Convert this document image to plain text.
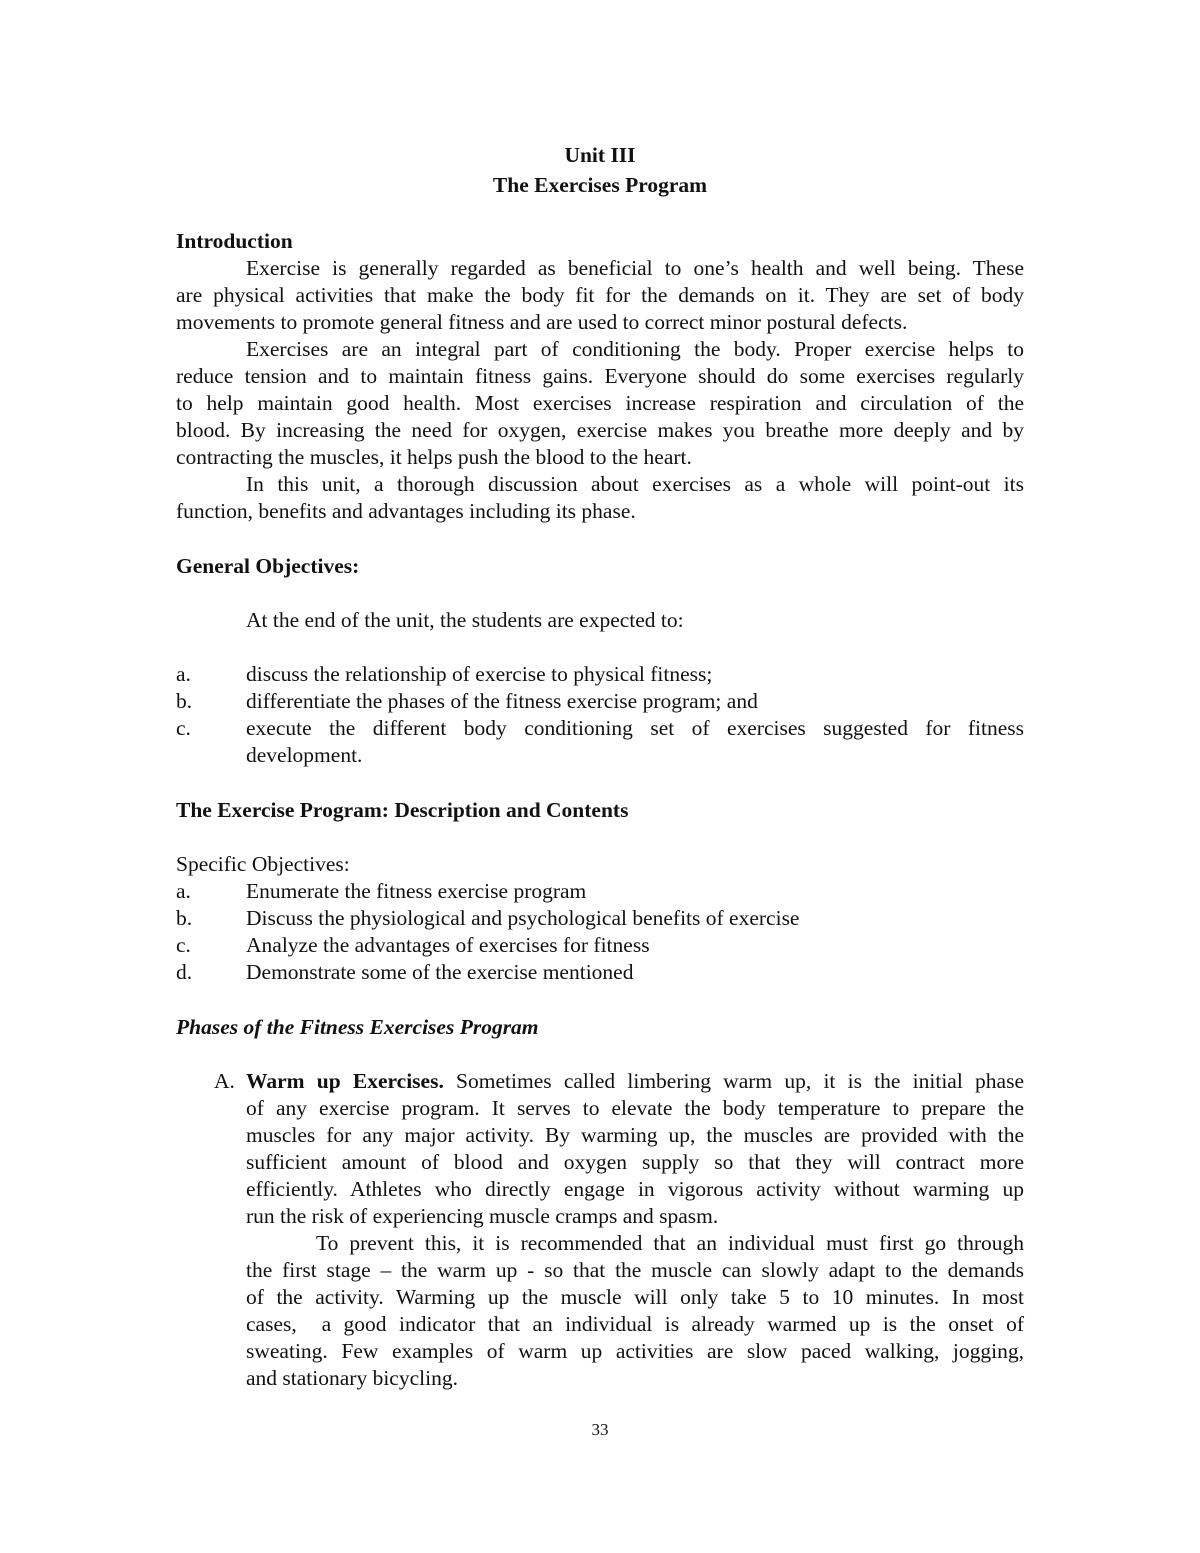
Unit III

The Exercises Program

Introduction

Exercise is generally regarded as beneficial to one’s health and well being. These

are physical activities that make the body fit for the demands on it. They are set of body

movements to promote general fitness and are used to correct minor postural defects.

Exercises are an integral part of conditioning the body. Proper exercise helps to

reduce tension and to maintain fitness gains. Everyone should do some exercises regularly

to help maintain good health. Most exercises increase respiration and circulation of the

blood. By increasing the need for oxygen, exercise makes you breathe more deeply and by

contracting the muscles, it helps push the blood to the heart.

In this unit, a thorough discussion about exercises as a whole will point-out its

function, benefits and advantages including its phase.

General Objectives:

At the end of the unit, the students are expected to:

a.	discuss the relationship of exercise to physical fitness;

b.	differentiate the phases of the fitness exercise program; and

c.	execute the different body conditioning set of exercises suggested for fitness

development.

The Exercise Program: Description and Contents

Specific Objectives:

a.	Enumerate the fitness exercise program

b.	Discuss the physiological and psychological benefits of exercise

c.	Analyze the advantages of exercises for fitness

d.	Demonstrate some of the exercise mentioned

Phases of the Fitness Exercises Program

A. Warm up Exercises. Sometimes called limbering warm up, it is the initial phase

of any exercise program. It serves to elevate the body temperature to prepare the

muscles for any major activity. By warming up, the muscles are provided with the

sufficient amount of blood and oxygen supply so that they will contract more

efficiently. Athletes who directly engage in vigorous activity without warming up

run the risk of experiencing muscle cramps and spasm.

To prevent this, it is recommended that an individual must first go through

the first stage – the warm up - so that the muscle can slowly adapt to the demands

of the activity. Warming up the muscle will only take 5 to 10 minutes. In most

cases,  a good indicator that an individual is already warmed up is the onset of

sweating. Few examples of warm up activities are slow paced walking, jogging,

and stationary bicycling.

33
